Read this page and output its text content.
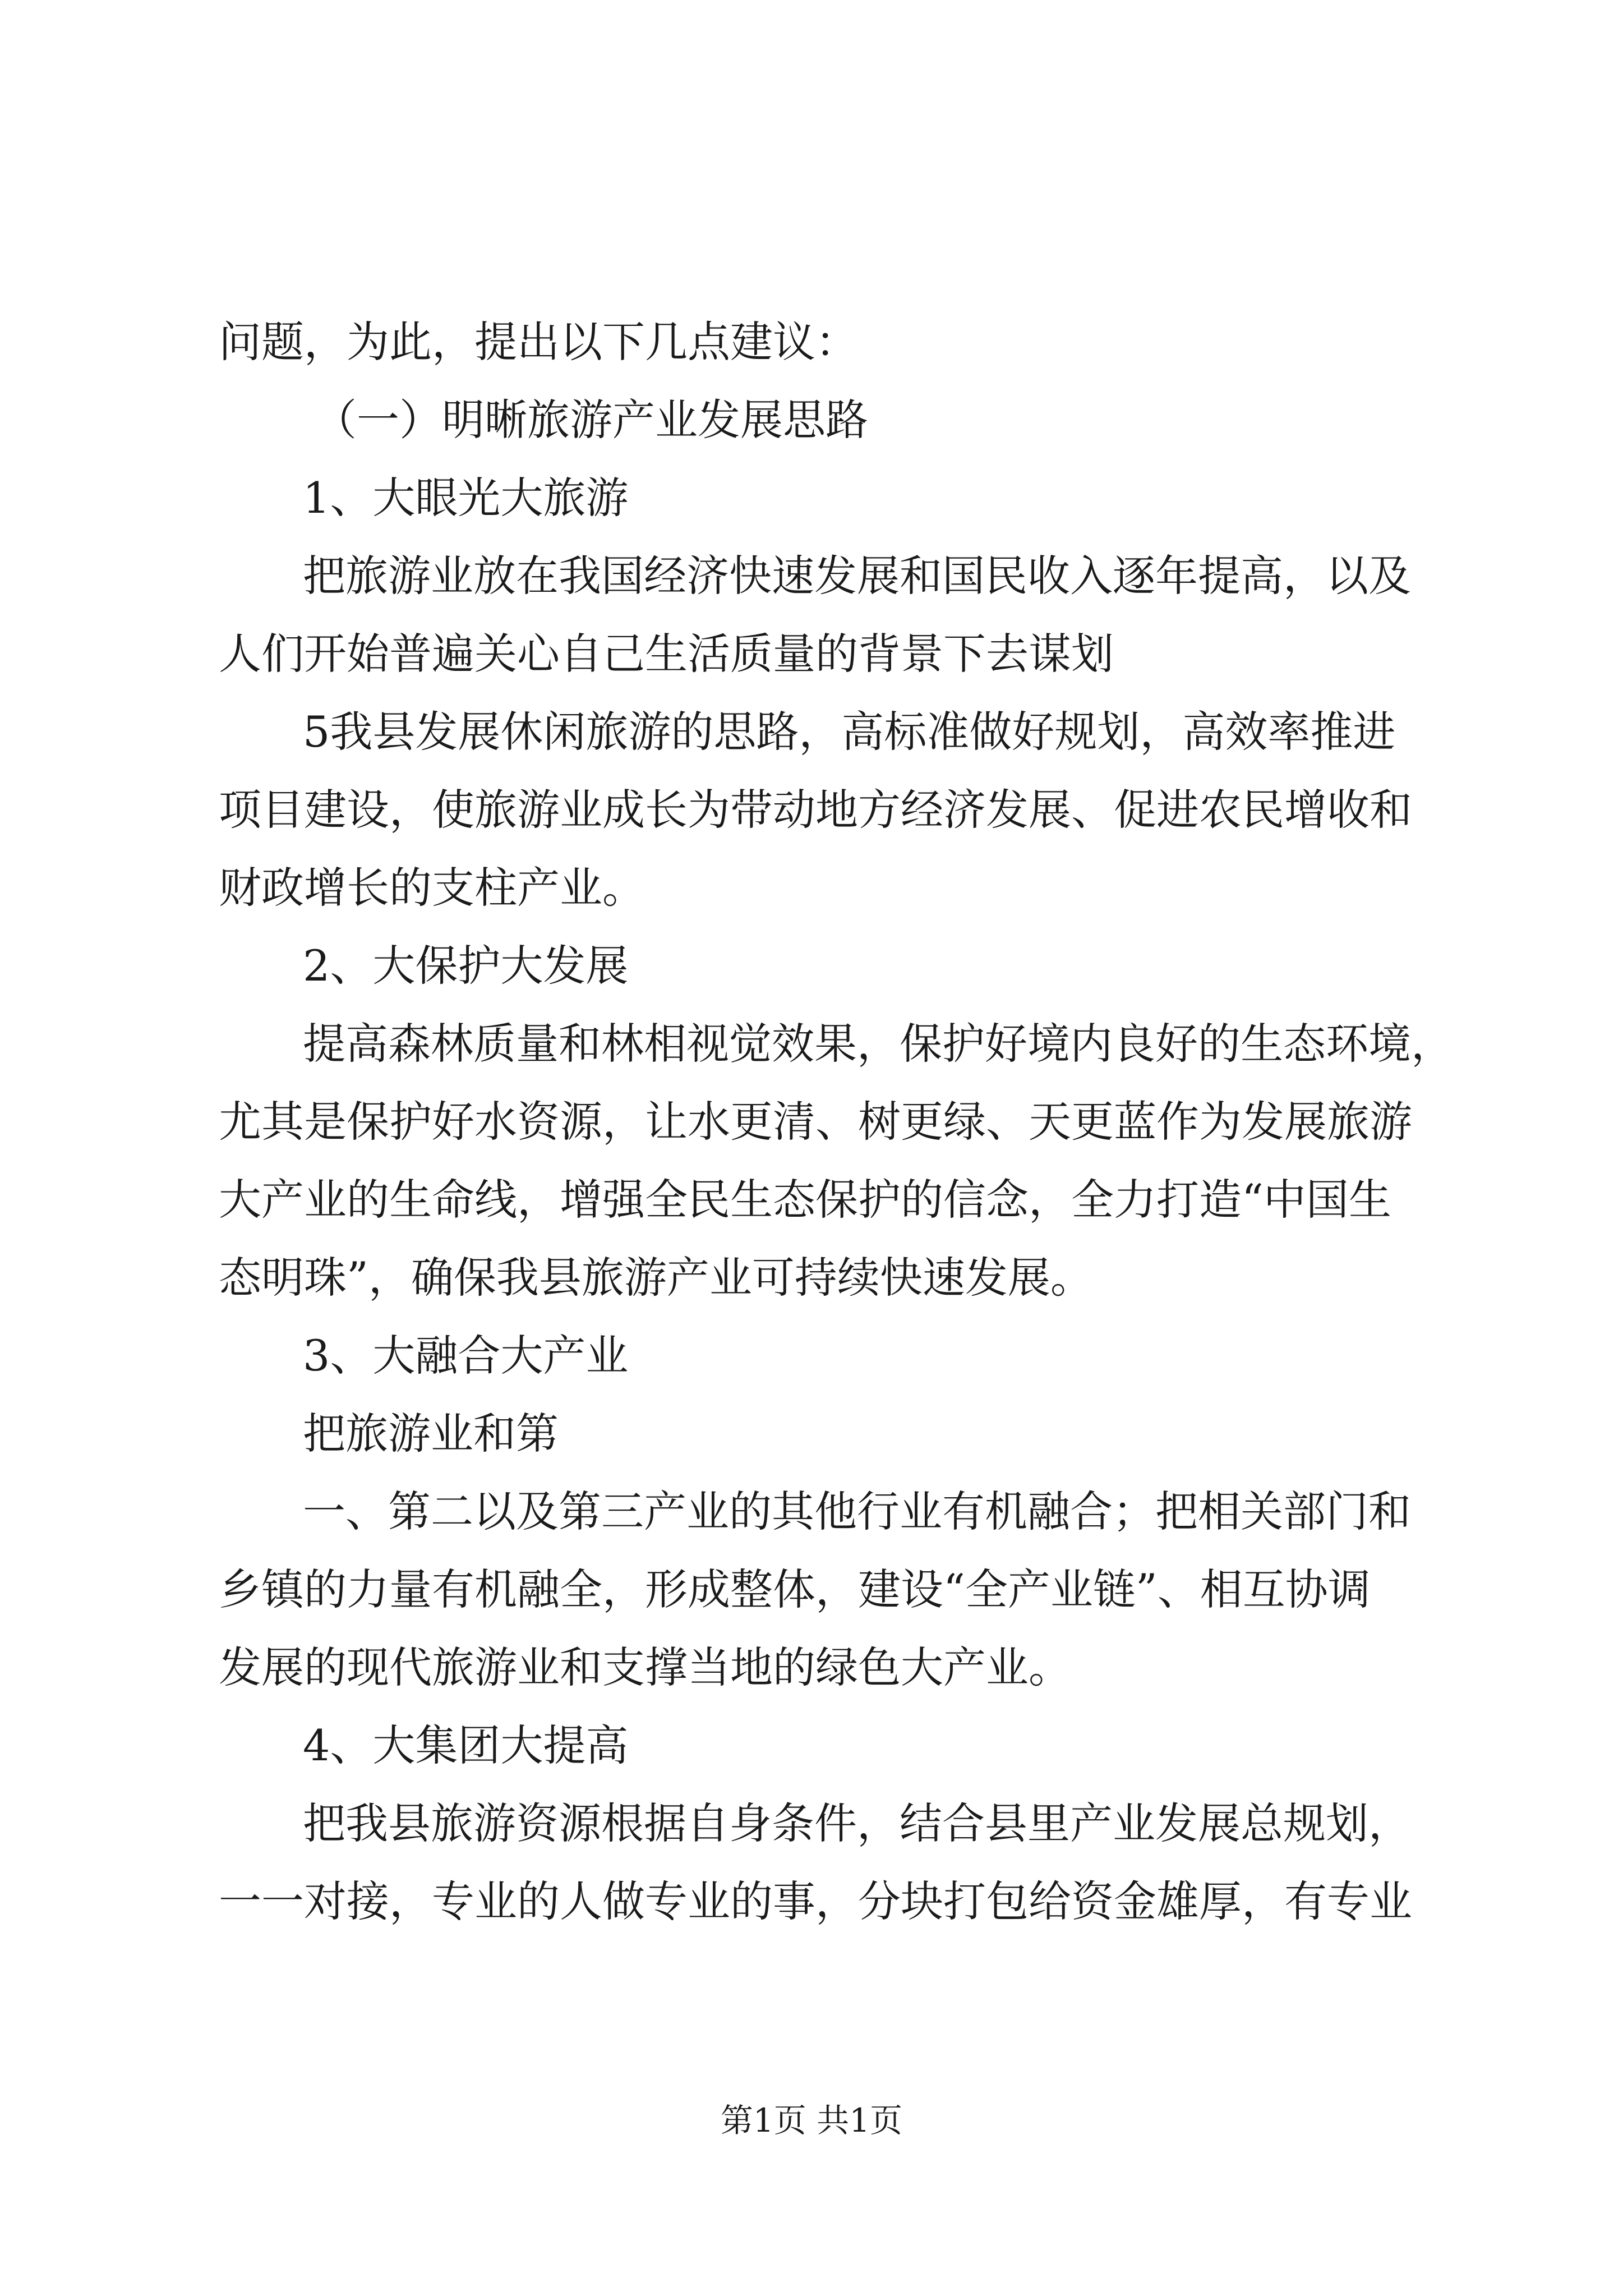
问题，为此，提出以下几点建议：

（一）明晰旅游产业发展思路

1、大眼光大旅游

把旅游业放在我国经济快速发展和国民收入逐年提高，以及

人们开始普遍关心自己生活质量的背景下去谋划

5我县发展休闲旅游的思路，高标准做好规划，高效率推进

项目建设，使旅游业成长为带动地方经济发展、促进农民增收和

财政增长的支柱产业。

2、大保护大发展

提高森林质量和林相视觉效果，保护好境内良好的生态环境，

尤其是保护好水资源，让水更清、树更绿、天更蓝作为发展旅游

大产业的生命线，增强全民生态保护的信念，全力打造“中国生

态明珠”，确保我县旅游产业可持续快速发展。

3、大融合大产业

把旅游业和第

一、第二以及第三产业的其他行业有机融合；把相关部门和

乡镇的力量有机融全，形成整体，建设“全产业链”、相互协调

发展的现代旅游业和支撑当地的绿色大产业。

4、大集团大提高

把我县旅游资源根据自身条件，结合县里产业发展总规划，

一一对接，专业的人做专业的事，分块打包给资金雄厚，有专业

第1页 共1页
